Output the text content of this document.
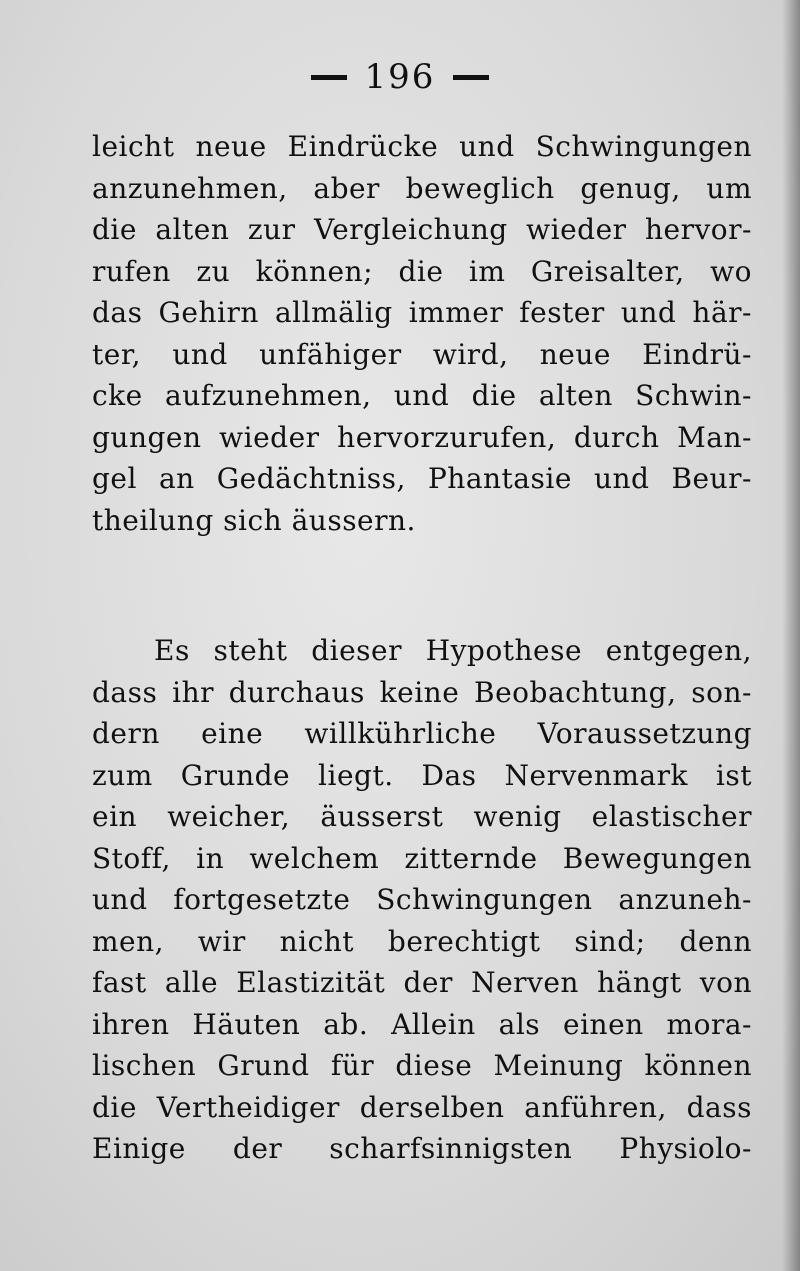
196
leicht neue Eindrücke und Schwingungen
anzunehmen, aber beweglich genug, um
die alten zur Vergleichung wieder hervor-
rufen zu können; die im Greisalter, wo
das Gehirn allmälig immer fester und här-
ter, und unfähiger wird, neue Eindrü-
cke aufzunehmen, und die alten Schwin-
gungen wieder hervorzurufen, durch Man-
gel an Gedächtniss, Phantasie und Beur-
theilung sich äussern.
Es steht dieser Hypothese entgegen,
dass ihr durchaus keine Beobachtung, son-
dern eine willkührliche Voraussetzung
zum Grunde liegt. Das Nervenmark ist
ein weicher, äusserst wenig elastischer
Stoff, in welchem zitternde Bewegungen
und fortgesetzte Schwingungen anzuneh-
men, wir nicht berechtigt sind; denn
fast alle Elastizität der Nerven hängt von
ihren Häuten ab. Allein als einen mora-
lischen Grund für diese Meinung können
die Vertheidiger derselben anführen, dass
Einige der scharfsinnigsten Physiolo-
